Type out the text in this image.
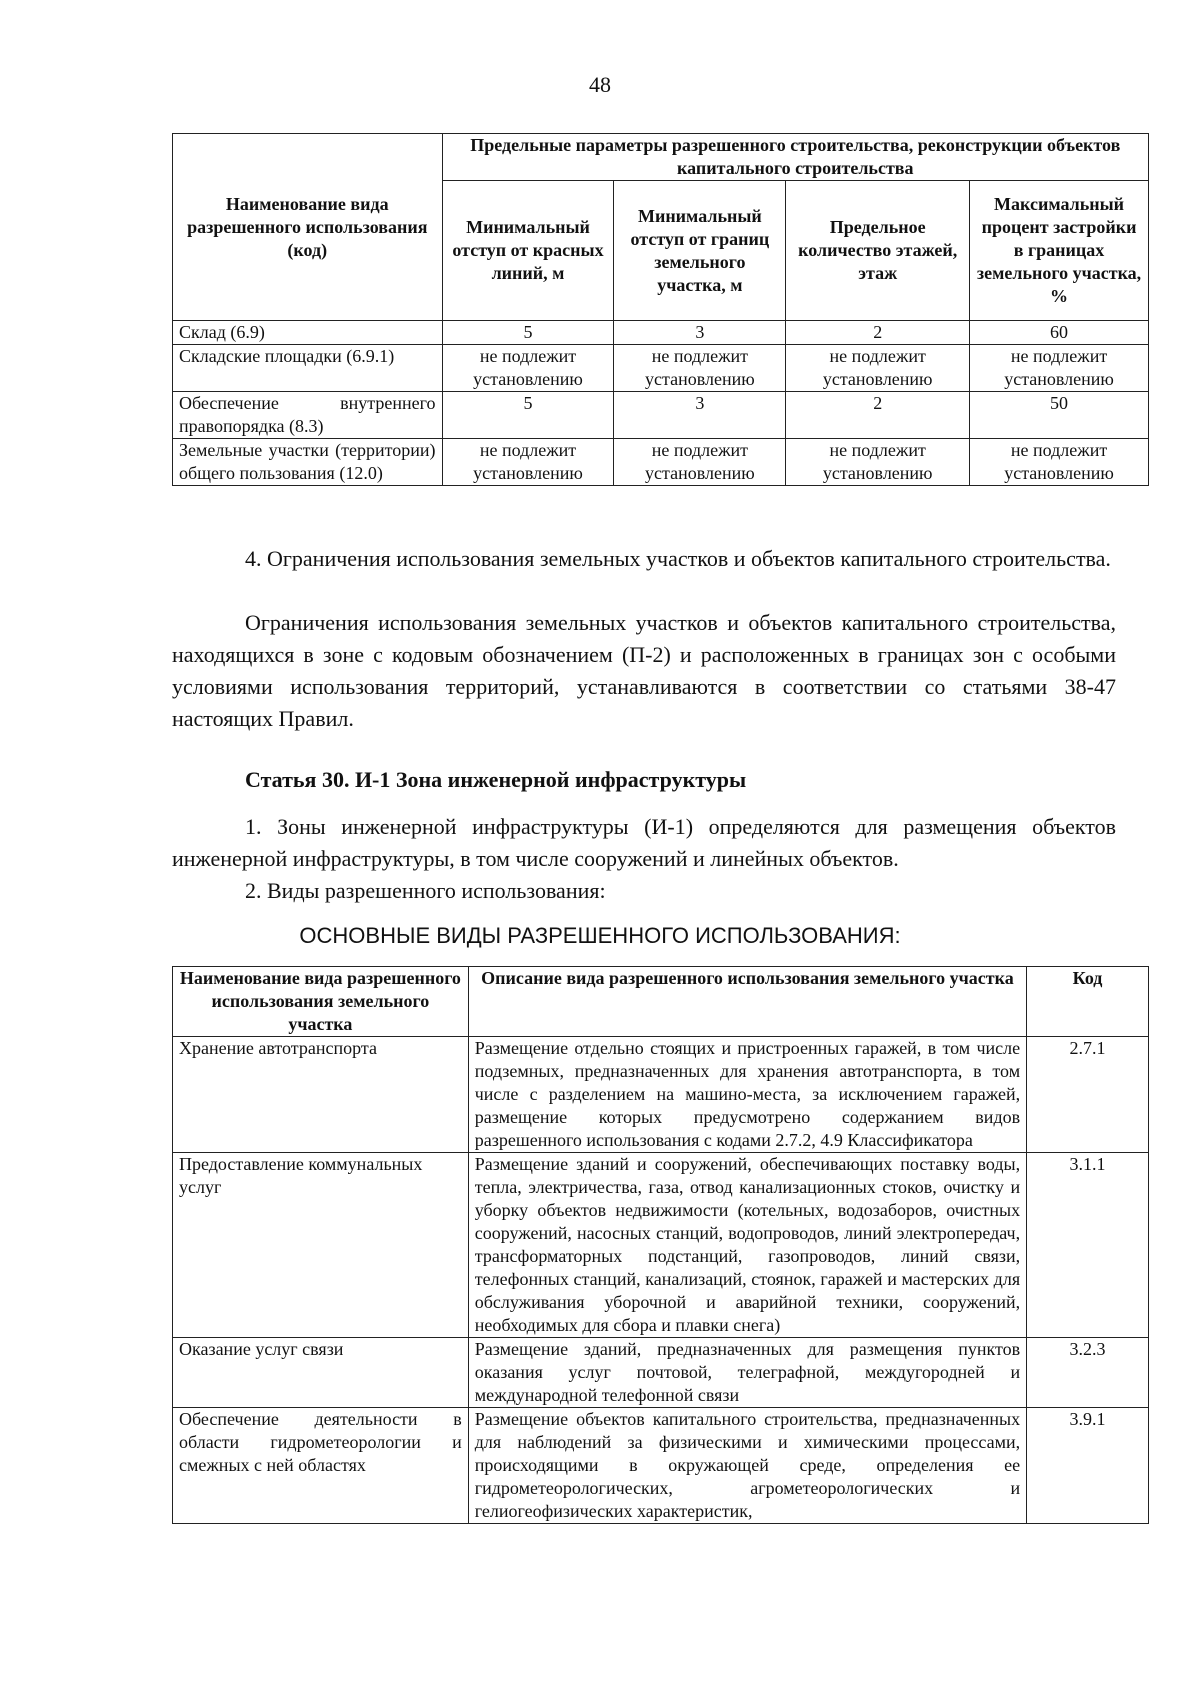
48
Наименование вида разрешенного использования (код)	Предельные параметры разрешенного строительства, реконструкции объектов капитального строительства			
	Минимальный отступ от красных линий, м	Минимальный отступ от границ земельного участка, м	Предельное количество этажей, этаж	Максимальный процент застройки в границах земельного участка, %
Склад (6.9)	5	3	2	60
Складские площадки (6.9.1)	не подлежит установлению	не подлежит установлению	не подлежит установлению	не подлежит установлению
Обеспечение внутреннего правопорядка (8.3)	5	3	2	50
Земельные участки (территории) общего пользования (12.0)	не подлежит установлению	не подлежит установлению	не подлежит установлению	не подлежит установлению
4. Ограничения использования земельных участков и объектов капитального строительства.
Ограничения использования земельных участков и объектов капитального строительства, находящихся в зоне с кодовым обозначением (П-2) и расположенных в границах зон с особыми условиями использования территорий, устанавливаются в соответствии со статьями 38-47 настоящих Правил.
Статья 30. И-1 Зона инженерной инфраструктуры
1. Зоны инженерной инфраструктуры (И-1) определяются для размещения объектов инженерной инфраструктуры, в том числе сооружений и линейных объектов.
2. Виды разрешенного использования:
ОСНОВНЫЕ ВИДЫ РАЗРЕШЕННОГО ИСПОЛЬЗОВАНИЯ:
Наименование вида разрешенного использования земельного участка	Описание вида разрешенного использования земельного участка	Код
Хранение автотранспорта	Размещение отдельно стоящих и пристроенных гаражей, в том числе подземных, предназначенных для хранения автотранспорта, в том числе с разделением на машино-места, за исключением гаражей, размещение которых предусмотрено содержанием видов разрешенного использования с кодами 2.7.2, 4.9 Классификатора	2.7.1
Предоставление коммунальных услуг	Размещение зданий и сооружений, обеспечивающих поставку воды, тепла, электричества, газа, отвод канализационных стоков, очистку и уборку объектов недвижимости (котельных, водозаборов, очистных сооружений, насосных станций, водопроводов, линий электропередач, трансформаторных подстанций, газопроводов, линий связи, телефонных станций, канализаций, стоянок, гаражей и мастерских для обслуживания уборочной и аварийной техники, сооружений, необходимых для сбора и плавки снега)	3.1.1
Оказание услуг связи	Размещение зданий, предназначенных для размещения пунктов оказания услуг почтовой, телеграфной, междугородней и международной телефонной связи	3.2.3
Обеспечение деятельности в области гидрометеорологии и смежных с ней областях	Размещение объектов капитального строительства, предназначенных для наблюдений за физическими и химическими процессами, происходящими в окружающей среде, определения ее гидрометеорологических, агрометеорологических и гелиогеофизических характеристик,	3.9.1
